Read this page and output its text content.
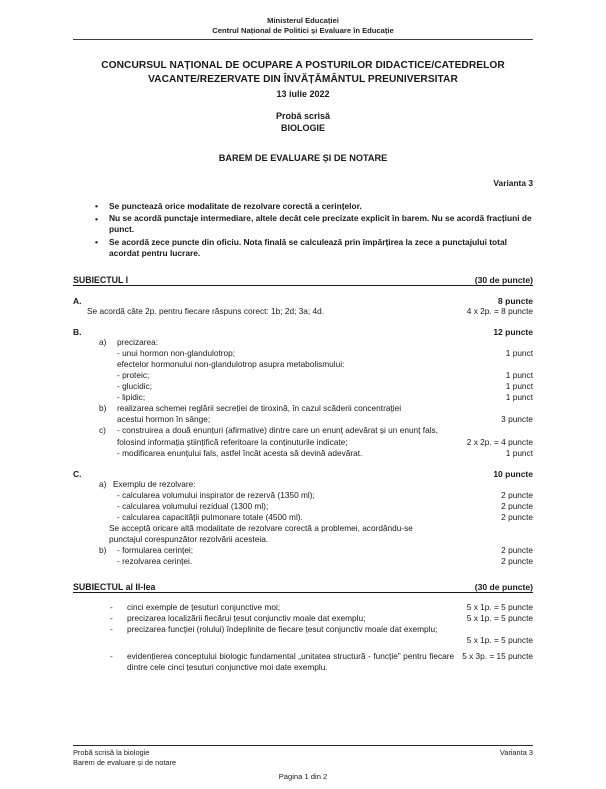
Ministerul Educației
Centrul Național de Politici și Evaluare în Educație
CONCURSUL NAȚIONAL DE OCUPARE A POSTURILOR DIDACTICE/CATEDRELOR
VACANTE/REZERVATE DIN ÎNVĂȚĂMÂNTUL PREUNIVERSITAR
13 iulie 2022
Probă scrisă
BIOLOGIE
BAREM DE EVALUARE ȘI DE NOTARE
Varianta 3
• Se punctează orice modalitate de rezolvare corectă a cerințelor.
• Nu se acordă punctaje intermediare, altele decât cele precizate explicit în barem. Nu se acordă fracțiuni de punct.
• Se acordă zece puncte din oficiu. Nota finală se calculează prin împărțirea la zece a punctajului total acordat pentru lucrare.
SUBIECTUL I	(30 de puncte)
A.	8 puncte
Se acordă câte 2p. pentru fiecare răspuns corect: 1b; 2d; 3a; 4d.	4 x 2p. = 8 puncte
B.	12 puncte
a) precizarea:
- unui hormon non-glandulotrop;	1 punct
efectelor hormonului non-glandulotrop asupra metabolismului:
- proteic;	1 punct
- glucidic;	1 punct
- lipidic;	1 punct
b) realizarea schemei reglării secreției de tiroxină, în cazul scăderii concentrației
acestui hormon în sânge;	3 puncte
c) - construirea a două enunțuri (afirmative) dintre care un enunț adevărat și un enunț fals,
folosind informația științifică referitoare la conținuturile indicate;	2 x 2p. = 4 puncte
- modificarea enunțului fals, astfel încât acesta să devină adevărat.	1 punct
C.	10 puncte
a) Exemplu de rezolvare:
- calcularea volumului inspirator de rezervă (1350 ml);	2 puncte
- calcularea volumului rezidual (1300 ml);	2 puncte
- calcularea capacității pulmonare totale (4500 ml).	2 puncte
Se acceptă oricare altă modalitate de rezolvare corectă a problemei, acordându-se
punctajul corespunzător rezolvării acesteia.
b) - formularea cerinței;	2 puncte
- rezolvarea cerinței.	2 puncte
SUBIECTUL al II-lea	(30 de puncte)
- cinci exemple de țesuturi conjunctive moi;	5 x 1p. = 5 puncte
- precizarea localizării fiecărui țesut conjunctiv moale dat exemplu;	5 x 1p. = 5 puncte
- precizarea funcției (rolului) îndeplinite de fiecare țesut conjunctiv moale dat exemplu;
5 x 1p. = 5 puncte
- evidențierea conceptului biologic fundamental „unitatea structură - funcție” pentru fiecare dintre cele cinci țesuturi conjunctive moi date exemplu.
5 x 3p. = 15 puncte
Probă scrisă la biologie
Barem de evaluare și de notare
Varianta 3
Pagina 1 din 2
